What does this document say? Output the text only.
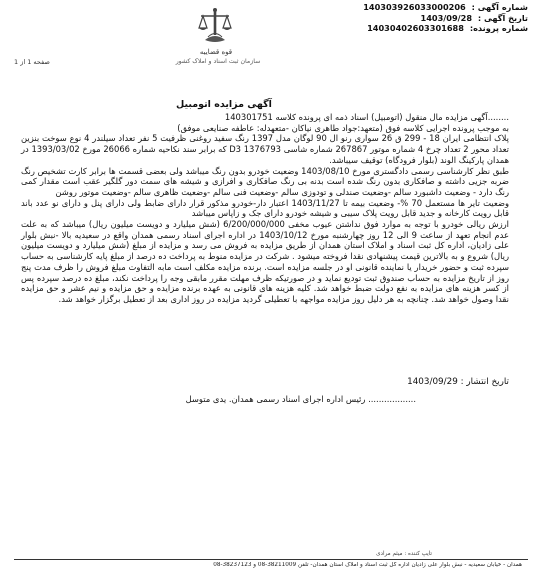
شماره آگهی : 140303926033000206
تاریخ آگهی : 1403/09/28
شماره پرونده: 14030402603301688
قوه قضاییه
سازمان ثبت اسناد و املاک کشور
صفحه 1 از 1
آگهی مزایده اتومبیل

........آگهی مزایده مال منقول (اتومبیل) اسناد ذمه ای پرونده کلاسه 140301751

به موجب پرونده اجرایی کلاسه فوق (متعهد:جواد طاهری نیاکان -متعهدله: عاطفه صنایعی موفق)

پلاک انتظامی ایران 18 - 299 ق 26 سواری رنو ال 90 لوگان مدل 1397 رنگ سفید روغنی ظرفیت 5 نفر تعداد سیلندر 4 نوع سوخت بنزین تعداد محور 2 تعداد چرخ 4 شماره موتور 267867 شماره شاسی 1376793 D3 که برابر سند نکاحیه شماره 26066 مورخ 1393/03/02 در همدان پارکینگ الوند (بلوار فرودگاه) توقیف سیباشد.

طبق نظر کارشناسی رسمی دادگستری مورخ 1403/08/10 وضعیت خودرو بدون رنگ میباشد ولی بعضی قسمت ها برابر کارت تشخیص رنگ ضربه جزیی داشته و صافکاری بدون رنگ شده است بدنه بی رنگ صافکاری و افرازی و شیشه های سمت دور گلگیر عقب است مقدار کمی رنگ دارد - وضعیت داشبورد سالم -وضعیت صندلی و تودوزی سالم -وضعیت فنی سالم -وضعیت ظاهری سالم -وضعیت موتور روشن

وضعیت تایر ها مستعمل 70 %- وضعیت بیمه تا 1403/11/27 اعتبار دار-خودرو مذکور قرار دارای ضابط ولی دارای پنل و دارای نو عدد باند قابل رویت کارخانه و جدید قابل رویت پلاک سیبی و شیشه خودرو دارای جک و زاپاس میباشد

ارزش ریالی خودرو با توجه به موارد فوق نداشتن عیوب مخفی 6/200/000/000 (شش میلیارد و دویست میلیون ریال) میباشد که به علت عدم انجام تعهد از ساعت 9 الی 12 روز چهارشنبه مورخ 1403/10/12 در اداره اجرای اسناد رسمی همدان واقع در سعیدیه بالا -نبش بلوار علی زادیان، اداره کل ثبت اسناد و املاک استان همدان از طریق مزایده به فروش می رسد و مزایده از مبلغ (شش میلیارد و دویست میلیون ریال) شروع و به بالاترین قیمت پیشنهادی نقدا فروخته میشود . شرکت در مزایده منوط به پرداخت ده درصد از مبلغ پایه کارشناسی به حساب سپرده ثبت و حضور خریدار یا نماینده قانونی او در جلسه مزایده است. برنده مزایده مکلف است مابه التفاوت مبلغ فروش را ظرف مدت پنج روز از تاریخ مزایده به حساب صندوق ثبت تودیع نماید و در صورتیکه ظرف مهلت مقرر مابقی وجه را پرداخت نکند، مبلغ ده درصد سپرده پس از کسر هزینه های مزایده به نفع دولت ضبط خواهد شد. کلیه هزینه های قانونی به عهده برنده مزایده و حق مزایده و نیم عشر و حق مزایده نقدا وصول خواهد شد. چنانچه به هر دلیل روز مزایده مواجهه با تعطیلی گردید مزایده در روز اداری بعد از تعطیل برگزار خواهد شد.

تاریخ انتشار : 1403/09/29
.................. رئیس اداره اجرای اسناد رسمی همدان. یدی متوسل
تایپ کننده : میثم مرادی
همدان - خیابان سعیدیه - نبش بلوار علی زادیان اداره کل ثبت اسناد و املاک استان همدان- تلفن 38211009-08 و 38237123-08
